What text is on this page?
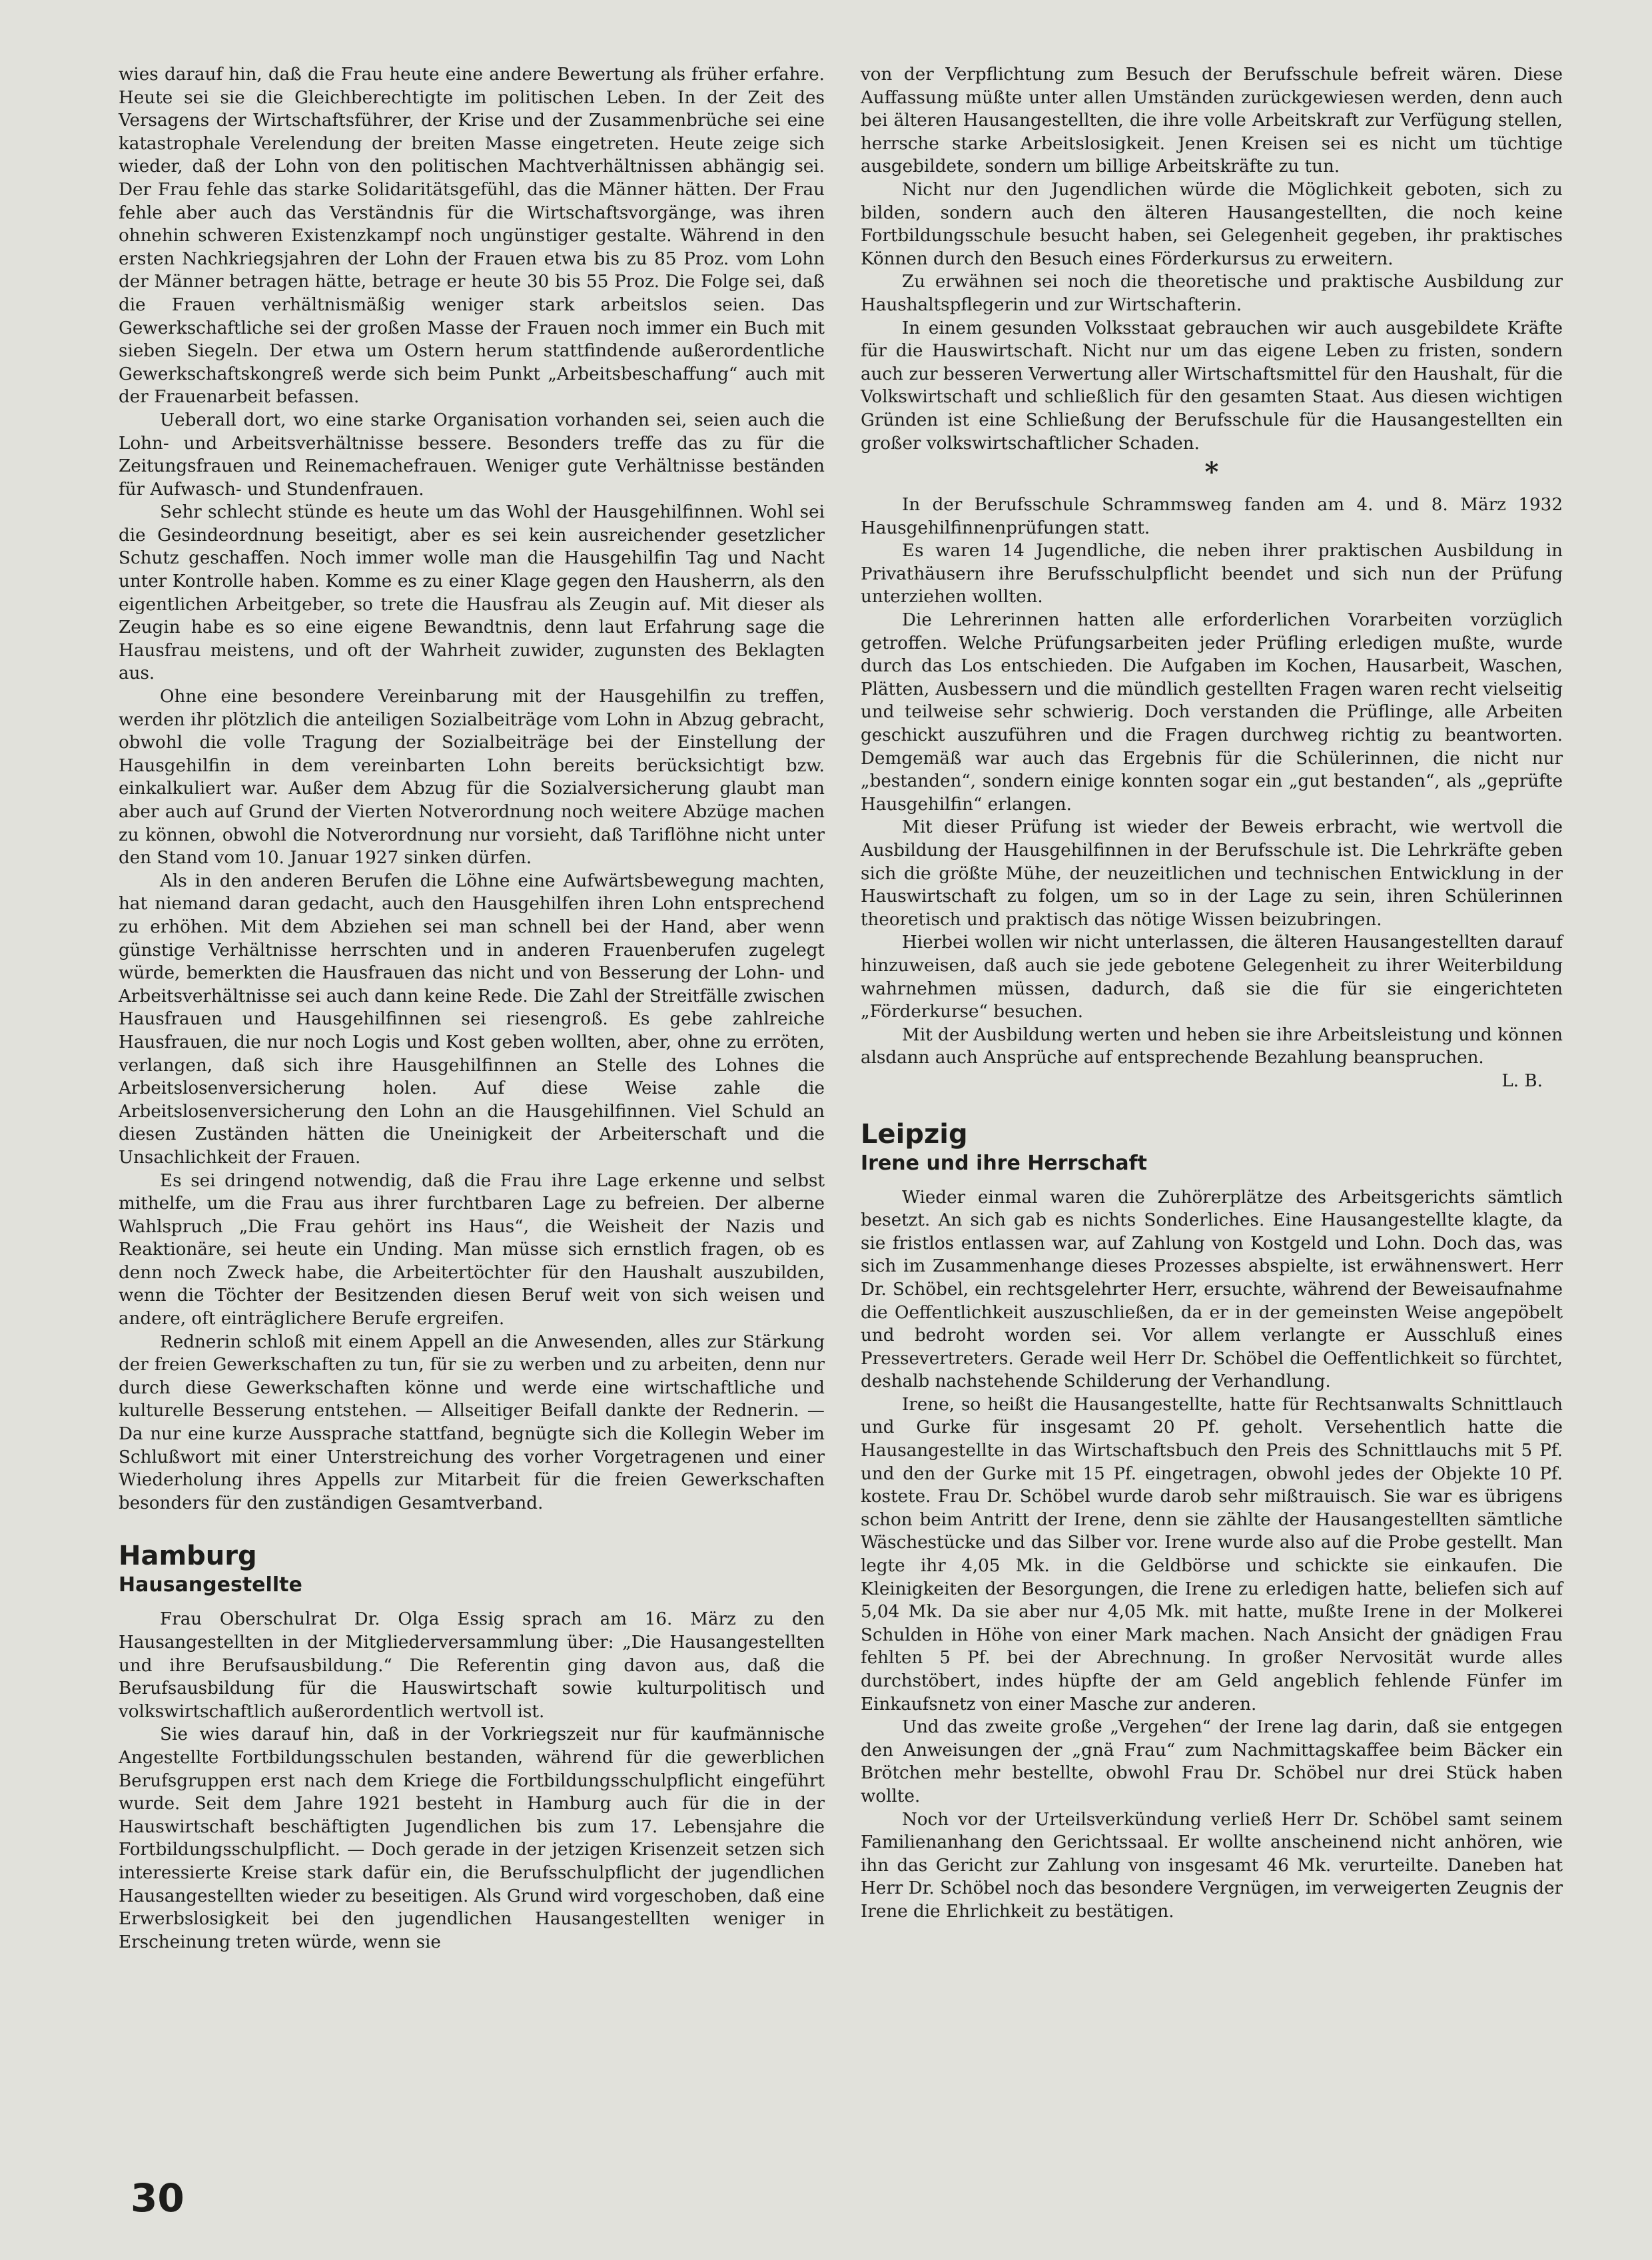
wies darauf hin, daß die Frau heute eine andere Bewertung als früher erfahre. Heute sei sie die Gleichberechtigte im politischen Leben. In der Zeit des Versagens der Wirtschaftsführer, der Krise und der Zusammenbrüche sei eine katastrophale Verelendung der breiten Masse eingetreten. Heute zeige sich wieder, daß der Lohn von den politischen Machtverhältnissen abhängig sei. Der Frau fehle das starke Solidaritätsgefühl, das die Männer hätten. Der Frau fehle aber auch das Verständnis für die Wirtschaftsvorgänge, was ihren ohnehin schweren Existenzkampf noch ungünstiger gestalte. Während in den ersten Nachkriegsjahren der Lohn der Frauen etwa bis zu 85 Proz. vom Lohn der Männer betragen hätte, betrage er heute 30 bis 55 Proz. Die Folge sei, daß die Frauen verhältnismäßig weniger stark arbeitslos seien. Das Gewerkschaftliche sei der großen Masse der Frauen noch immer ein Buch mit sieben Siegeln. Der etwa um Ostern herum stattfindende außerordentliche Gewerkschaftskongreß werde sich beim Punkt „Arbeitsbeschaffung“ auch mit der Frauenarbeit befassen.

Ueberall dort, wo eine starke Organisation vorhanden sei, seien auch die Lohn- und Arbeitsverhältnisse bessere. Besonders treffe das zu für die Zeitungsfrauen und Reinemachefrauen. Weniger gute Verhältnisse beständen für Aufwasch- und Stundenfrauen.

Sehr schlecht stünde es heute um das Wohl der Hausgehilfinnen. Wohl sei die Gesindeordnung beseitigt, aber es sei kein ausreichender gesetzlicher Schutz geschaffen. Noch immer wolle man die Hausgehilfin Tag und Nacht unter Kontrolle haben. Komme es zu einer Klage gegen den Hausherrn, als den eigentlichen Arbeitgeber, so trete die Hausfrau als Zeugin auf. Mit dieser als Zeugin habe es so eine eigene Bewandtnis, denn laut Erfahrung sage die Hausfrau meistens, und oft der Wahrheit zuwider, zugunsten des Beklagten aus.

Ohne eine besondere Vereinbarung mit der Hausgehilfin zu treffen, werden ihr plötzlich die anteiligen Sozialbeiträge vom Lohn in Abzug gebracht, obwohl die volle Tragung der Sozialbeiträge bei der Einstellung der Hausgehilfin in dem vereinbarten Lohn bereits berücksichtigt bzw. einkalkuliert war. Außer dem Abzug für die Sozialversicherung glaubt man aber auch auf Grund der Vierten Notverordnung noch weitere Abzüge machen zu können, obwohl die Notverordnung nur vorsieht, daß Tariflöhne nicht unter den Stand vom 10. Januar 1927 sinken dürfen.

Als in den anderen Berufen die Löhne eine Aufwärtsbewegung machten, hat niemand daran gedacht, auch den Hausgehilfen ihren Lohn entsprechend zu erhöhen. Mit dem Abziehen sei man schnell bei der Hand, aber wenn günstige Verhältnisse herrschten und in anderen Frauenberufen zugelegt würde, bemerkten die Hausfrauen das nicht und von Besserung der Lohn- und Arbeitsverhältnisse sei auch dann keine Rede. Die Zahl der Streitfälle zwischen Hausfrauen und Hausgehilfinnen sei riesengroß. Es gebe zahlreiche Hausfrauen, die nur noch Logis und Kost geben wollten, aber, ohne zu erröten, verlangen, daß sich ihre Hausgehilfinnen an Stelle des Lohnes die Arbeitslosenversicherung holen. Auf diese Weise zahle die Arbeitslosenversicherung den Lohn an die Hausgehilfinnen. Viel Schuld an diesen Zuständen hätten die Uneinigkeit der Arbeiterschaft und die Unsachlichkeit der Frauen.

Es sei dringend notwendig, daß die Frau ihre Lage erkenne und selbst mithelfe, um die Frau aus ihrer furchtbaren Lage zu befreien. Der alberne Wahlspruch „Die Frau gehört ins Haus“, die Weisheit der Nazis und Reaktionäre, sei heute ein Unding. Man müsse sich ernstlich fragen, ob es denn noch Zweck habe, die Arbeitertöchter für den Haushalt auszubilden, wenn die Töchter der Besitzenden diesen Beruf weit von sich weisen und andere, oft einträglichere Berufe ergreifen.

Rednerin schloß mit einem Appell an die Anwesenden, alles zur Stärkung der freien Gewerkschaften zu tun, für sie zu werben und zu arbeiten, denn nur durch diese Gewerkschaften könne und werde eine wirtschaftliche und kulturelle Besserung entstehen. — Allseitiger Beifall dankte der Rednerin. — Da nur eine kurze Aussprache stattfand, begnügte sich die Kollegin Weber im Schlußwort mit einer Unterstreichung des vorher Vorgetragenen und einer Wiederholung ihres Appells zur Mitarbeit für die freien Gewerkschaften besonders für den zuständigen Gesamtverband.

Hamburg
Hausangestellte

Frau Oberschulrat Dr. Olga Essig sprach am 16. März zu den Hausangestellten in der Mitgliederversammlung über: „Die Hausangestellten und ihre Berufsausbildung.“ Die Referentin ging davon aus, daß die Berufsausbildung für die Hauswirtschaft sowie kulturpolitisch und volkswirtschaftlich außerordentlich wertvoll ist.

Sie wies darauf hin, daß in der Vorkriegszeit nur für kaufmännische Angestellte Fortbildungsschulen bestanden, während für die gewerblichen Berufsgruppen erst nach dem Kriege die Fortbildungsschulpflicht eingeführt wurde. Seit dem Jahre 1921 besteht in Hamburg auch für die in der Hauswirtschaft beschäftigten Jugendlichen bis zum 17. Lebensjahre die Fortbildungsschulpflicht. — Doch gerade in der jetzigen Krisenzeit setzen sich interessierte Kreise stark dafür ein, die Berufsschulpflicht der jugendlichen Hausangestellten wieder zu beseitigen. Als Grund wird vorgeschoben, daß eine Erwerbslosigkeit bei den jugendlichen Hausangestellten weniger in Erscheinung treten würde, wenn sie

von der Verpflichtung zum Besuch der Berufsschule befreit wären. Diese Auffassung müßte unter allen Umständen zurückgewiesen werden, denn auch bei älteren Hausangestellten, die ihre volle Arbeitskraft zur Verfügung stellen, herrsche starke Arbeitslosigkeit. Jenen Kreisen sei es nicht um tüchtige ausgebildete, sondern um billige Arbeitskräfte zu tun.

Nicht nur den Jugendlichen würde die Möglichkeit geboten, sich zu bilden, sondern auch den älteren Hausangestellten, die noch keine Fortbildungsschule besucht haben, sei Gelegenheit gegeben, ihr praktisches Können durch den Besuch eines Förderkursus zu erweitern.

Zu erwähnen sei noch die theoretische und praktische Ausbildung zur Haushaltspflegerin und zur Wirtschafterin.

In einem gesunden Volksstaat gebrauchen wir auch ausgebildete Kräfte für die Hauswirtschaft. Nicht nur um das eigene Leben zu fristen, sondern auch zur besseren Verwertung aller Wirtschaftsmittel für den Haushalt, für die Volkswirtschaft und schließlich für den gesamten Staat. Aus diesen wichtigen Gründen ist eine Schließung der Berufsschule für die Hausangestellten ein großer volkswirtschaftlicher Schaden.

*

In der Berufsschule Schrammsweg fanden am 4. und 8. März 1932 Hausgehilfinnenprüfungen statt.

Es waren 14 Jugendliche, die neben ihrer praktischen Ausbildung in Privathäusern ihre Berufsschulpflicht beendet und sich nun der Prüfung unterziehen wollten.

Die Lehrerinnen hatten alle erforderlichen Vorarbeiten vorzüglich getroffen. Welche Prüfungsarbeiten jeder Prüfling erledigen mußte, wurde durch das Los entschieden. Die Aufgaben im Kochen, Hausarbeit, Waschen, Plätten, Ausbessern und die mündlich gestellten Fragen waren recht vielseitig und teilweise sehr schwierig. Doch verstanden die Prüflinge, alle Arbeiten geschickt auszuführen und die Fragen durchweg richtig zu beantworten. Demgemäß war auch das Ergebnis für die Schülerinnen, die nicht nur „bestanden“, sondern einige konnten sogar ein „gut bestanden“, als „geprüfte Hausgehilfin“ erlangen.

Mit dieser Prüfung ist wieder der Beweis erbracht, wie wertvoll die Ausbildung der Hausgehilfinnen in der Berufsschule ist. Die Lehrkräfte geben sich die größte Mühe, der neuzeitlichen und technischen Entwicklung in der Hauswirtschaft zu folgen, um so in der Lage zu sein, ihren Schülerinnen theoretisch und praktisch das nötige Wissen beizubringen.

Hierbei wollen wir nicht unterlassen, die älteren Hausangestellten darauf hinzuweisen, daß auch sie jede gebotene Gelegenheit zu ihrer Weiterbildung wahrnehmen müssen, dadurch, daß sie die für sie eingerichteten „Förderkurse“ besuchen.

Mit der Ausbildung werten und heben sie ihre Arbeitsleistung und können alsdann auch Ansprüche auf entsprechende Bezahlung beanspruchen.

L. B.
Leipzig
Irene und ihre Herrschaft

Wieder einmal waren die Zuhörerplätze des Arbeitsgerichts sämtlich besetzt. An sich gab es nichts Sonderliches. Eine Hausangestellte klagte, da sie fristlos entlassen war, auf Zahlung von Kostgeld und Lohn. Doch das, was sich im Zusammenhange dieses Prozesses abspielte, ist erwähnenswert. Herr Dr. Schöbel, ein rechtsgelehrter Herr, ersuchte, während der Beweisaufnahme die Oeffentlichkeit auszuschließen, da er in der gemeinsten Weise angepöbelt und bedroht worden sei. Vor allem verlangte er Ausschluß eines Pressevertreters. Gerade weil Herr Dr. Schöbel die Oeffentlichkeit so fürchtet, deshalb nachstehende Schilderung der Verhandlung.

Irene, so heißt die Hausangestellte, hatte für Rechtsanwalts Schnittlauch und Gurke für insgesamt 20 Pf. geholt. Versehentlich hatte die Hausangestellte in das Wirtschaftsbuch den Preis des Schnittlauchs mit 5 Pf. und den der Gurke mit 15 Pf. eingetragen, obwohl jedes der Objekte 10 Pf. kostete. Frau Dr. Schöbel wurde darob sehr mißtrauisch. Sie war es übrigens schon beim Antritt der Irene, denn sie zählte der Hausangestellten sämtliche Wäschestücke und das Silber vor. Irene wurde also auf die Probe gestellt. Man legte ihr 4,05 Mk. in die Geldbörse und schickte sie einkaufen. Die Kleinigkeiten der Besorgungen, die Irene zu erledigen hatte, beliefen sich auf 5,04 Mk. Da sie aber nur 4,05 Mk. mit hatte, mußte Irene in der Molkerei Schulden in Höhe von einer Mark machen. Nach Ansicht der gnädigen Frau fehlten 5 Pf. bei der Abrechnung. In großer Nervosität wurde alles durchstöbert, indes hüpfte der am Geld angeblich fehlende Fünfer im Einkaufsnetz von einer Masche zur anderen.

Und das zweite große „Vergehen“ der Irene lag darin, daß sie entgegen den Anweisungen der „gnä Frau“ zum Nachmittagskaffee beim Bäcker ein Brötchen mehr bestellte, obwohl Frau Dr. Schöbel nur drei Stück haben wollte.

Noch vor der Urteilsverkündung verließ Herr Dr. Schöbel samt seinem Familienanhang den Gerichtssaal. Er wollte anscheinend nicht anhören, wie ihn das Gericht zur Zahlung von insgesamt 46 Mk. verurteilte. Daneben hat Herr Dr. Schöbel noch das besondere Vergnügen, im verweigerten Zeugnis der Irene die Ehrlichkeit zu bestätigen.

30
